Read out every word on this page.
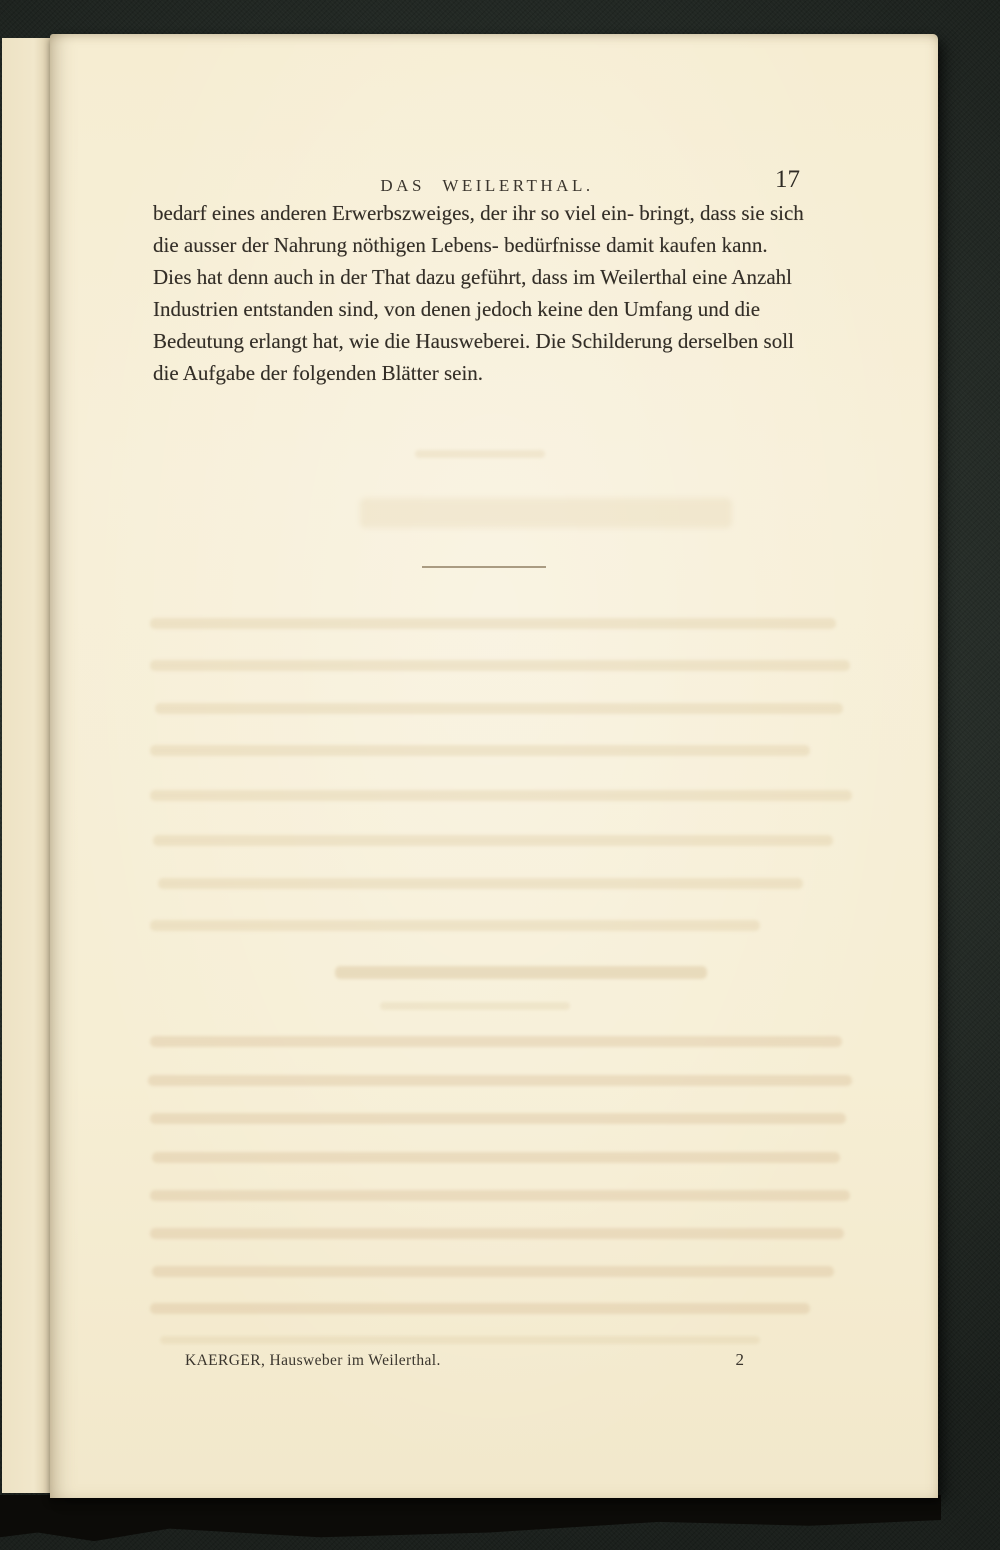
DAS WEILERTHAL.	17

bedarf eines anderen Erwerbszweiges, der ihr so viel ein- bringt, dass sie sich die ausser der Nahrung nöthigen Lebens- bedürfnisse damit kaufen kann.

Dies hat denn auch in der That dazu geführt, dass im Weilerthal eine Anzahl Industrien entstanden sind, von denen jedoch keine den Umfang und die Bedeutung erlangt hat, wie die Hausweberei. Die Schilderung derselben soll die Aufgabe der folgenden Blätter sein.

KAERGER, Hausweber im Weilerthal.	2
